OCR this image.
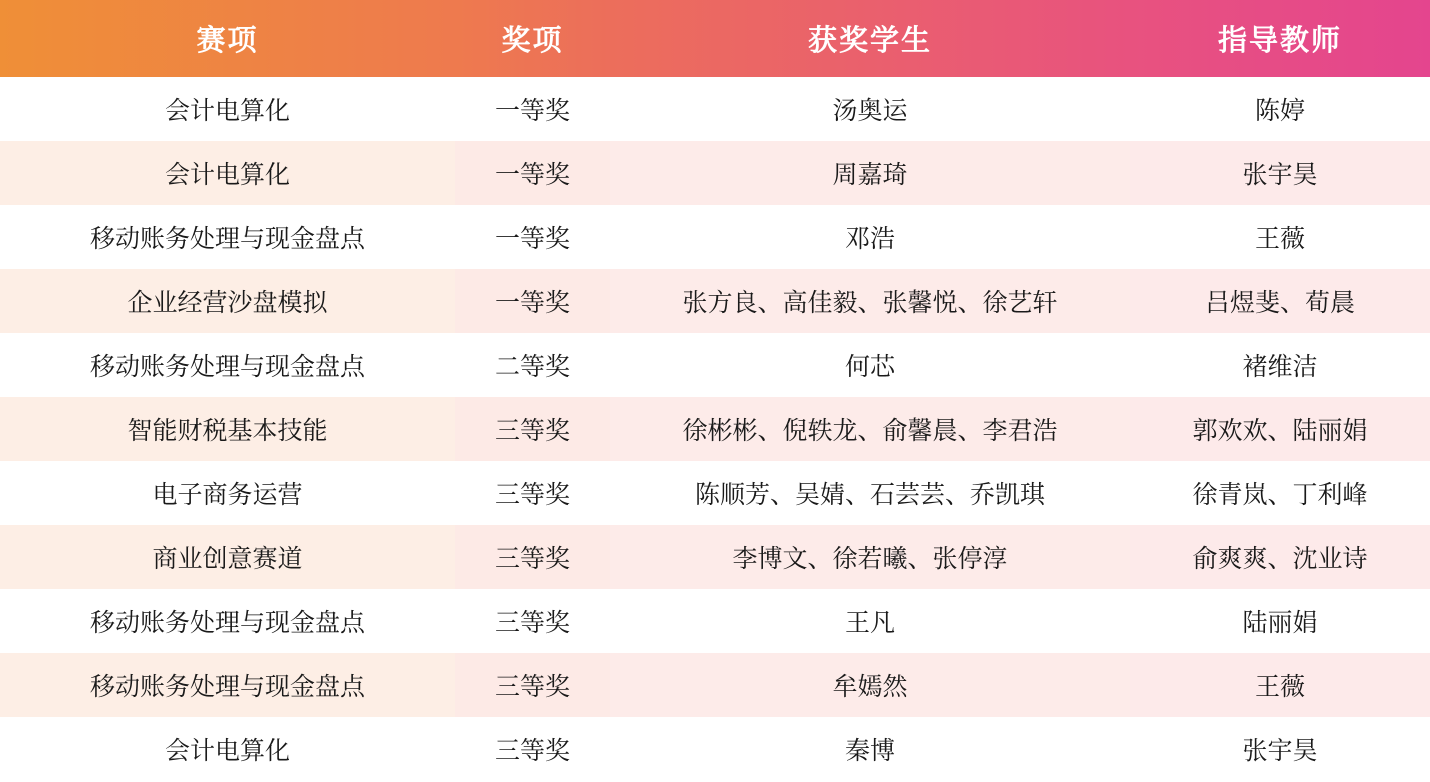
赛项	奖项	获奖学生	指导教师
会计电算化	一等奖	汤奥运	陈婷
会计电算化	一等奖	周嘉琦	张宇昊
移动账务处理与现金盘点	一等奖	邓浩	王薇
企业经营沙盘模拟	一等奖	张方良、高佳毅、张馨悦、徐艺轩	吕煜斐、荀晨
移动账务处理与现金盘点	二等奖	何芯	褚维洁
智能财税基本技能	三等奖	徐彬彬、倪轶龙、俞馨晨、李君浩	郭欢欢、陆丽娟
电子商务运营	三等奖	陈顺芳、吴婧、石芸芸、乔凯琪	徐青岚、丁利峰
商业创意赛道	三等奖	李博文、徐若曦、张停淳	俞爽爽、沈业诗
移动账务处理与现金盘点	三等奖	王凡	陆丽娟
移动账务处理与现金盘点	三等奖	牟嫣然	王薇
会计电算化	三等奖	秦博	张宇昊
